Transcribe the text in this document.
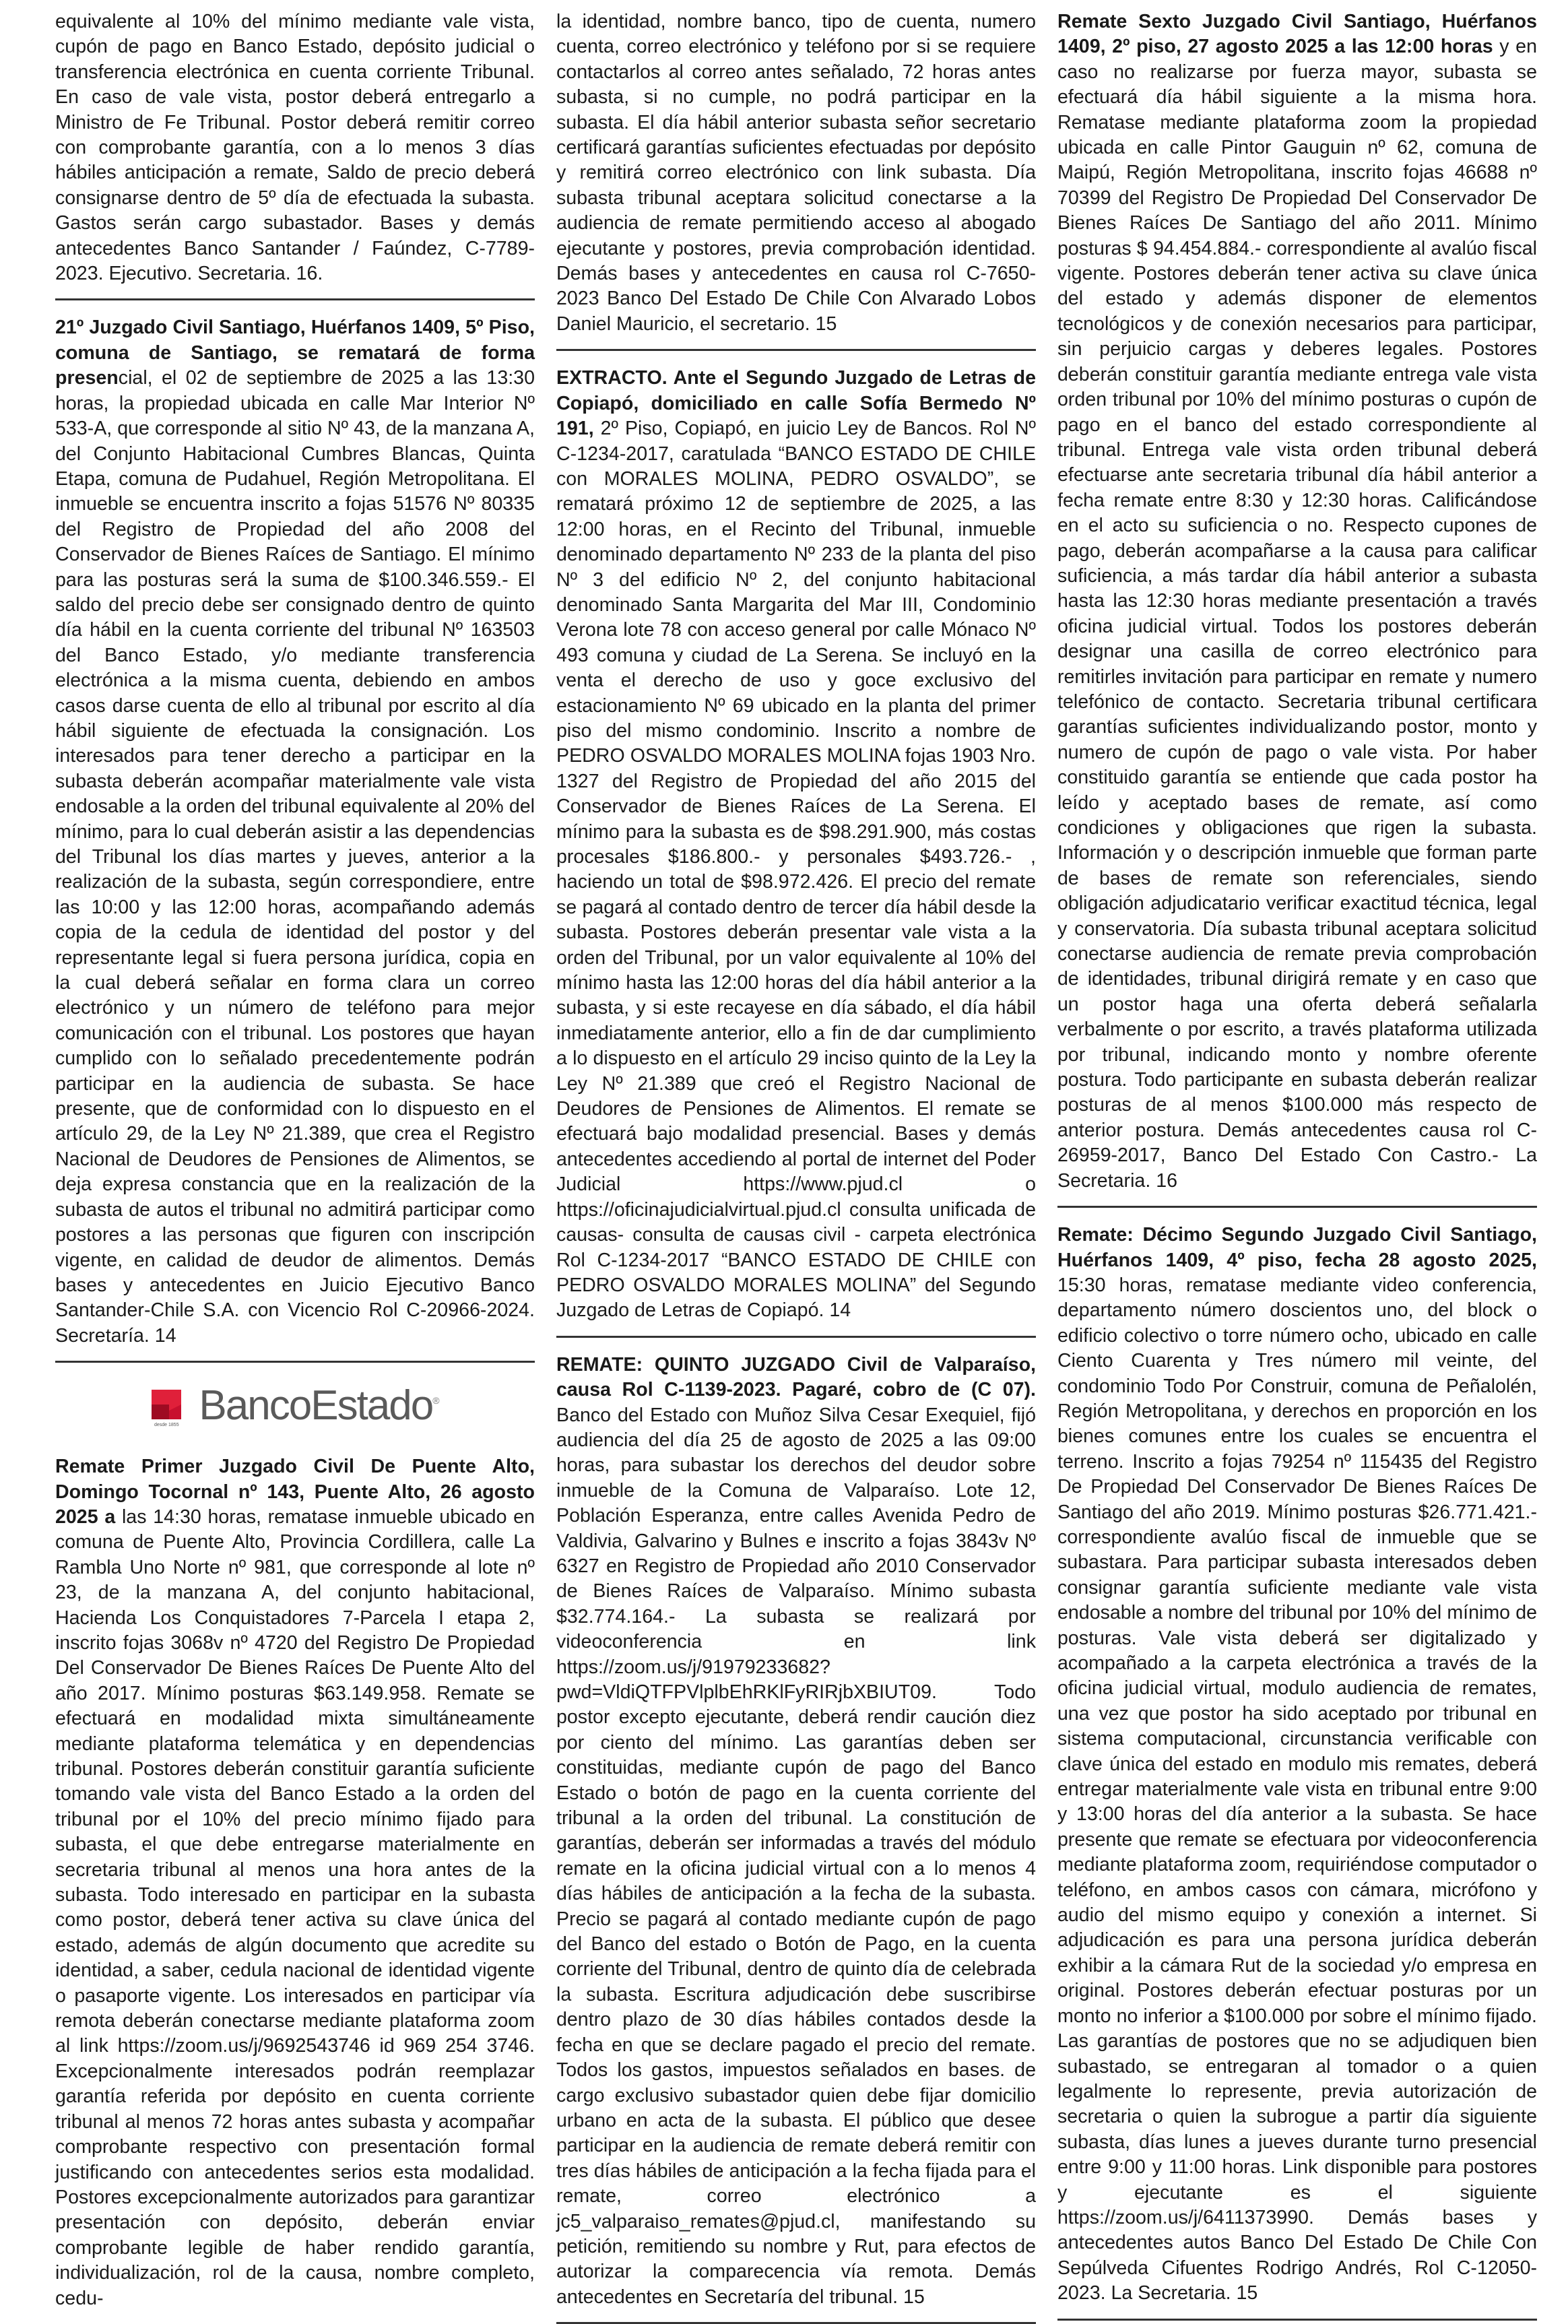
equivalente al 10% del mínimo mediante vale vista, cupón de pago en Banco Estado, depósito judicial o transferencia electrónica en cuenta corriente Tribunal. En caso de vale vista, postor deberá entregarlo a Ministro de Fe Tribunal. Postor deberá remitir correo con comprobante garantía, con a lo menos 3 días hábiles anticipación a remate, Saldo de precio deberá consignarse dentro de 5º día de efectuada la subasta. Gastos serán cargo subastador. Bases y demás antecedentes Banco Santander / Faúndez, C-7789-2023. Ejecutivo. Secretaria. 16.

21º Juzgado Civil Santiago, Huérfanos 1409, 5º Piso, comuna de Santiago, se rematará de forma presencial, el 02 de septiembre de 2025 a las 13:30 horas, la propiedad ubicada en calle Mar Interior Nº 533-A, que corresponde al sitio Nº 43, de la manzana A, del Conjunto Habitacional Cumbres Blancas, Quinta Etapa, comuna de Pudahuel, Región Metropolitana. El inmueble se encuentra inscrito a fojas 51576 Nº 80335 del Registro de Propiedad del año 2008 del Conservador de Bienes Raíces de Santiago. El mínimo para las posturas será la suma de $100.346.559.- El saldo del precio debe ser consignado dentro de quinto día hábil en la cuenta corriente del tribunal Nº 163503 del Banco Estado, y/o mediante transferencia electrónica a la misma cuenta, debiendo en ambos casos darse cuenta de ello al tribunal por escrito al día hábil siguiente de efectuada la consignación. Los interesados para tener derecho a participar en la subasta deberán acompañar materialmente vale vista endosable a la orden del tribunal equivalente al 20% del mínimo, para lo cual deberán asistir a las dependencias del Tribunal los días martes y jueves, anterior a la realización de la subasta, según correspondiere, entre las 10:00 y las 12:00 horas, acompañando además copia de la cedula de identidad del postor y del representante legal si fuera persona jurídica, copia en la cual deberá señalar en forma clara un correo electrónico y un número de teléfono para mejor comunicación con el tribunal. Los postores que hayan cumplido con lo señalado precedentemente podrán participar en la audiencia de subasta. Se hace presente, que de conformidad con lo dispuesto en el artículo 29, de la Ley Nº 21.389, que crea el Registro Nacional de Deudores de Pensiones de Alimentos, se deja expresa constancia que en la realización de la subasta de autos el tribunal no admitirá participar como postores a las personas que figuren con inscripción vigente, en calidad de deudor de alimentos. Demás bases y antecedentes en Juicio Ejecutivo Banco Santander-Chile S.A. con Vicencio Rol C-20966-2024. Secretaría. 14

desde 1855 BancoEstado ®

Remate Primer Juzgado Civil De Puente Alto, Domingo Tocornal nº 143, Puente Alto, 26 agosto 2025 a las 14:30 horas, rematase inmueble ubicado en comuna de Puente Alto, Provincia Cordillera, calle La Rambla Uno Norte nº 981, que corresponde al lote nº 23, de la manzana A, del conjunto habitacional, Hacienda Los Conquistadores 7-Parcela I etapa 2, inscrito fojas 3068v nº 4720 del Registro De Propiedad Del Conservador De Bienes Raíces De Puente Alto del año 2017. Mínimo posturas $63.149.958. Remate se efectuará en modalidad mixta simultáneamente mediante plataforma telemática y en dependencias tribunal. Postores deberán constituir garantía suficiente tomando vale vista del Banco Estado a la orden del tribunal por el 10% del precio mínimo fijado para subasta, el que debe entregarse materialmente en secretaria tribunal al menos una hora antes de la subasta. Todo interesado en participar en la subasta como postor, deberá tener activa su clave única del estado, además de algún documento que acredite su identidad, a saber, cedula nacional de identidad vigente o pasaporte vigente. Los interesados en participar vía remota deberán conectarse mediante plataforma zoom al link https://zoom.us/j/9692543746 id 969 254 3746. Excepcionalmente interesados podrán reemplazar garantía referida por depósito en cuenta corriente tribunal al menos 72 horas antes subasta y acompañar comprobante respectivo con presentación formal justificando con antecedentes serios esta modalidad. Postores excepcionalmente autorizados para garantizar presentación con depósito, deberán enviar comprobante legible de haber rendido garantía, individualización, rol de la causa, nombre completo, cedu-

la identidad, nombre banco, tipo de cuenta, numero cuenta, correo electrónico y teléfono por si se requiere contactarlos al correo antes señalado, 72 horas antes subasta, si no cumple, no podrá participar en la subasta. El día hábil anterior subasta señor secretario certificará garantías suficientes efectuadas por depósito y remitirá correo electrónico con link subasta. Día subasta tribunal aceptara solicitud conectarse a la audiencia de remate permitiendo acceso al abogado ejecutante y postores, previa comprobación identidad. Demás bases y antecedentes en causa rol C-7650-2023 Banco Del Estado De Chile Con Alvarado Lobos Daniel Mauricio, el secretario. 15

EXTRACTO. Ante el Segundo Juzgado de Letras de Copiapó, domiciliado en calle Sofía Bermedo Nº 191, 2º Piso, Copiapó, en juicio Ley de Bancos. Rol Nº C-1234-2017, caratulada “BANCO ESTADO DE CHILE con MORALES MOLINA, PEDRO OSVALDO”, se rematará próximo 12 de septiembre de 2025, a las 12:00 horas, en el Recinto del Tribunal, inmueble denominado departamento Nº 233 de la planta del piso Nº 3 del edificio Nº 2, del conjunto habitacional denominado Santa Margarita del Mar III, Condominio Verona lote 78 con acceso general por calle Mónaco Nº 493 comuna y ciudad de La Serena. Se incluyó en la venta el derecho de uso y goce exclusivo del estacionamiento Nº 69 ubicado en la planta del primer piso del mismo condominio. Inscrito a nombre de PEDRO OSVALDO MORALES MOLINA fojas 1903 Nro. 1327 del Registro de Propiedad del año 2015 del Conservador de Bienes Raíces de La Serena. El mínimo para la subasta es de $98.291.900, más costas procesales $186.800.- y personales $493.726.- , haciendo un total de $98.972.426. El precio del remate se pagará al contado dentro de tercer día hábil desde la subasta. Postores deberán presentar vale vista a la orden del Tribunal, por un valor equivalente al 10% del mínimo hasta las 12:00 horas del día hábil anterior a la subasta, y si este recayese en día sábado, el día hábil inmediatamente anterior, ello a fin de dar cumplimiento a lo dispuesto en el artículo 29 inciso quinto de la Ley la Ley Nº 21.389 que creó el Registro Nacional de Deudores de Pensiones de Alimentos. El remate se efectuará bajo modalidad presencial. Bases y demás antecedentes accediendo al portal de internet del Poder Judicial https://www.pjud.cl o https://oficinajudicialvirtual.pjud.cl consulta unificada de causas- consulta de causas civil - carpeta electrónica Rol C-1234-2017 “BANCO ESTADO DE CHILE con PEDRO OSVALDO MORALES MOLINA” del Segundo Juzgado de Letras de Copiapó. 14

REMATE: QUINTO JUZGADO Civil de Valparaíso, causa Rol C-1139-2023. Pagaré, cobro de (C 07). Banco del Estado con Muñoz Silva Cesar Exequiel, fijó audiencia del día 25 de agosto de 2025 a las 09:00 horas, para subastar los derechos del deudor sobre inmueble de la Comuna de Valparaíso. Lote 12, Población Esperanza, entre calles Avenida Pedro de Valdivia, Galvarino y Bulnes e inscrito a fojas 3843v Nº 6327 en Registro de Propiedad año 2010 Conservador de Bienes Raíces de Valparaíso. Mínimo subasta $32.774.164.- La subasta se realizará por videoconferencia en link https://zoom.us/j/91979233682?pwd=VldiQTFPVlplbEhRKlFyRIRjbXBIUT09. Todo postor excepto ejecutante, deberá rendir caución diez por ciento del mínimo. Las garantías deben ser constituidas, mediante cupón de pago del Banco Estado o botón de pago en la cuenta corriente del tribunal a la orden del tribunal. La constitución de garantías, deberán ser informadas a través del módulo remate en la oficina judicial virtual con a lo menos 4 días hábiles de anticipación a la fecha de la subasta. Precio se pagará al contado mediante cupón de pago del Banco del estado o Botón de Pago, en la cuenta corriente del Tribunal, dentro de quinto día de celebrada la subasta. Escritura adjudicación debe suscribirse dentro plazo de 30 días hábiles contados desde la fecha en que se declare pagado el precio del remate. Todos los gastos, impuestos señalados en bases. de cargo exclusivo subastador quien debe fijar domicilio urbano en acta de la subasta. El público que desee participar en la audiencia de remate deberá remitir con tres días hábiles de anticipación a la fecha fijada para el remate, correo electrónico a jc5_valparaiso_remates@pjud.cl, manifestando su petición, remitiendo su nombre y Rut, para efectos de autorizar la comparecencia vía remota. Demás antecedentes en Secretaría del tribunal. 15

Remate Sexto Juzgado Civil Santiago, Huérfanos 1409, 2º piso, 27 agosto 2025 a las 12:00 horas y en caso no realizarse por fuerza mayor, subasta se efectuará día hábil siguiente a la misma hora. Rematase mediante plataforma zoom la propiedad ubicada en calle Pintor Gauguin nº 62, comuna de Maipú, Región Metropolitana, inscrito fojas 46688 nº 70399 del Registro De Propiedad Del Conservador De Bienes Raíces De Santiago del año 2011. Mínimo posturas $ 94.454.884.- correspondiente al avalúo fiscal vigente. Postores deberán tener activa su clave única del estado y además disponer de elementos tecnológicos y de conexión necesarios para participar, sin perjuicio cargas y deberes legales. Postores deberán constituir garantía mediante entrega vale vista orden tribunal por 10% del mínimo posturas o cupón de pago en el banco del estado correspondiente al tribunal. Entrega vale vista orden tribunal deberá efectuarse ante secretaria tribunal día hábil anterior a fecha remate entre 8:30 y 12:30 horas. Calificándose en el acto su suficiencia o no. Respecto cupones de pago, deberán acompañarse a la causa para calificar suficiencia, a más tardar día hábil anterior a subasta hasta las 12:30 horas mediante presentación a través oficina judicial virtual. Todos los postores deberán designar una casilla de correo electrónico para remitirles invitación para participar en remate y numero telefónico de contacto. Secretaria tribunal certificara garantías suficientes individualizando postor, monto y numero de cupón de pago o vale vista. Por haber constituido garantía se entiende que cada postor ha leído y aceptado bases de remate, así como condiciones y obligaciones que rigen la subasta. Información y o descripción inmueble que forman parte de bases de remate son referenciales, siendo obligación adjudicatario verificar exactitud técnica, legal y conservatoria. Día subasta tribunal aceptara solicitud conectarse audiencia de remate previa comprobación de identidades, tribunal dirigirá remate y en caso que un postor haga una oferta deberá señalarla verbalmente o por escrito, a través plataforma utilizada por tribunal, indicando monto y nombre oferente postura. Todo participante en subasta deberán realizar posturas de al menos $100.000 más respecto de anterior postura. Demás antecedentes causa rol C-26959-2017, Banco Del Estado Con Castro.- La Secretaria. 16

Remate: Décimo Segundo Juzgado Civil Santiago, Huérfanos 1409, 4º piso, fecha 28 agosto 2025, 15:30 horas, rematase mediante video conferencia, departamento número doscientos uno, del block o edificio colectivo o torre número ocho, ubicado en calle Ciento Cuarenta y Tres número mil veinte, del condominio Todo Por Construir, comuna de Peñalolén, Región Metropolitana, y derechos en proporción en los bienes comunes entre los cuales se encuentra el terreno. Inscrito a fojas 79254 nº 115435 del Registro De Propiedad Del Conservador De Bienes Raíces De Santiago del año 2019. Mínimo posturas $26.771.421.- correspondiente avalúo fiscal de inmueble que se subastara. Para participar subasta interesados deben consignar garantía suficiente mediante vale vista endosable a nombre del tribunal por 10% del mínimo de posturas. Vale vista deberá ser digitalizado y acompañado a la carpeta electrónica a través de la oficina judicial virtual, modulo audiencia de remates, una vez que postor ha sido aceptado por tribunal en sistema computacional, circunstancia verificable con clave única del estado en modulo mis remates, deberá entregar materialmente vale vista en tribunal entre 9:00 y 13:00 horas del día anterior a la subasta. Se hace presente que remate se efectuara por videoconferencia mediante plataforma zoom, requiriéndose computador o teléfono, en ambos casos con cámara, micrófono y audio del mismo equipo y conexión a internet. Si adjudicación es para una persona jurídica deberán exhibir a la cámara Rut de la sociedad y/o empresa en original. Postores deberán efectuar posturas por un monto no inferior a $100.000 por sobre el mínimo fijado. Las garantías de postores que no se adjudiquen bien subastado, se entregaran al tomador o a quien legalmente lo represente, previa autorización de secretaria o quien la subrogue a partir día siguiente subasta, días lunes a jueves durante turno presencial entre 9:00 y 11:00 horas. Link disponible para postores y ejecutante es el siguiente https://zoom.us/j/6411373990. Demás bases y antecedentes autos Banco Del Estado De Chile Con Sepúlveda Cifuentes Rodrigo Andrés, Rol C-12050-2023. La Secretaria. 15
